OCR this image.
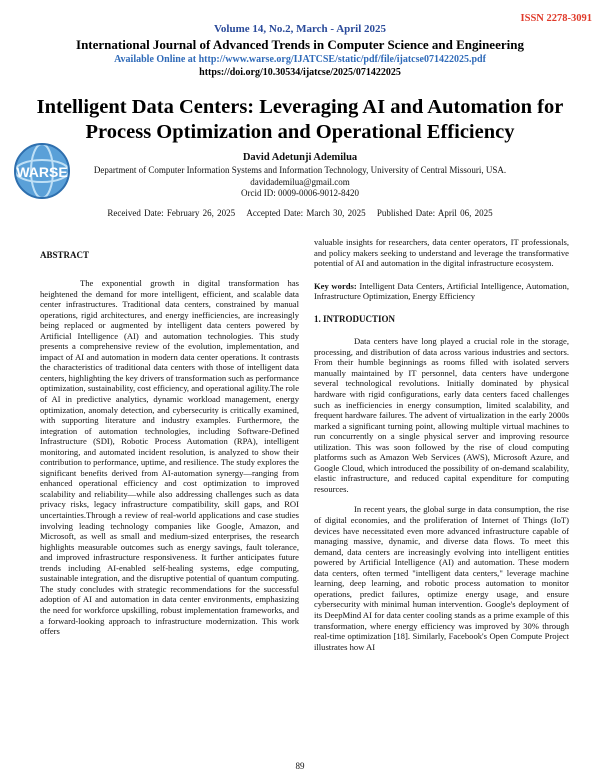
ISSN 2278-3091
Volume 14, No.2, March - April 2025
International Journal of Advanced Trends in Computer Science and Engineering
Available Online at http://www.warse.org/IJATCSE/static/pdf/file/ijatcse071422025.pdf
https://doi.org/10.30534/ijatcse/2025/071422025
Intelligent Data Centers: Leveraging AI and Automation for Process Optimization and Operational Efficiency
WARSE
David Adetunji Ademilua
Department of Computer Information Systems and Information Technology, University of Central Missouri, USA.
davidademilua@gmail.com
Orcid ID: 0009-0006-9012-8420
Received Date: February 26, 2025 Accepted Date: March 30, 2025 Published Date: April 06, 2025
ABSTRACT

The exponential growth in digital transformation has heightened the demand for more intelligent, efficient, and scalable data center infrastructures. Traditional data centers, constrained by manual operations, rigid architectures, and energy inefficiencies, are increasingly being replaced or augmented by intelligent data centers powered by Artificial Intelligence (AI) and automation technologies. This study presents a comprehensive review of the evolution, implementation, and impact of AI and automation in modern data center operations. It contrasts the characteristics of traditional data centers with those of intelligent data centers, highlighting the key drivers of transformation such as performance optimization, sustainability, cost efficiency, and operational agility.The role of AI in predictive analytics, dynamic workload management, energy optimization, anomaly detection, and cybersecurity is critically examined, with supporting literature and industry examples. Furthermore, the integration of automation technologies, including Software-Defined Infrastructure (SDI), Robotic Process Automation (RPA), intelligent monitoring, and automated incident resolution, is analyzed to show their contribution to performance, uptime, and resilience. The study explores the significant benefits derived from AI-automation synergy—ranging from enhanced operational efficiency and cost optimization to improved scalability and reliability—while also addressing challenges such as data privacy risks, legacy infrastructure compatibility, skill gaps, and ROI uncertainties.Through a review of real-world applications and case studies involving leading technology companies like Google, Amazon, and Microsoft, as well as small and medium-sized enterprises, the research highlights measurable outcomes such as energy savings, fault tolerance, and improved infrastructure responsiveness. It further anticipates future trends including AI-enabled self-healing systems, edge computing, sustainable integration, and the disruptive potential of quantum computing. The study concludes with strategic recommendations for the successful adoption of AI and automation in data center environments, emphasizing the need for workforce upskilling, robust implementation frameworks, and a forward-looking approach to infrastructure modernization. This work offers

valuable insights for researchers, data center operators, IT professionals, and policy makers seeking to understand and leverage the transformative potential of AI and automation in the digital infrastructure ecosystem.

Key words: Intelligent Data Centers, Artificial Intelligence, Automation, Infrastructure Optimization, Energy Efficiency

1. INTRODUCTION

Data centers have long played a crucial role in the storage, processing, and distribution of data across various industries and sectors. From their humble beginnings as rooms filled with isolated servers manually maintained by IT personnel, data centers have undergone several technological revolutions. Initially dominated by physical hardware with rigid configurations, early data centers faced challenges such as inefficiencies in energy consumption, limited scalability, and frequent hardware failures. The advent of virtualization in the early 2000s marked a significant turning point, allowing multiple virtual machines to run concurrently on a single physical server and improving resource utilization. This was soon followed by the rise of cloud computing platforms such as Amazon Web Services (AWS), Microsoft Azure, and Google Cloud, which introduced the possibility of on-demand scalability, elastic infrastructure, and reduced capital expenditure for computing resources.

In recent years, the global surge in data consumption, the rise of digital economies, and the proliferation of Internet of Things (IoT) devices have necessitated even more advanced infrastructure capable of managing massive, dynamic, and diverse data flows. To meet this demand, data centers are increasingly evolving into intelligent entities powered by Artificial Intelligence (AI) and automation. These modern data centers, often termed "intelligent data centers," leverage machine learning, deep learning, and robotic process automation to monitor operations, predict failures, optimize energy usage, and ensure cybersecurity with minimal human intervention. Google's deployment of its DeepMind AI for data center cooling stands as a prime example of this transformation, where energy efficiency was improved by 30% through real-time optimization [18]. Similarly, Facebook's Open Compute Project illustrates how AI

89
